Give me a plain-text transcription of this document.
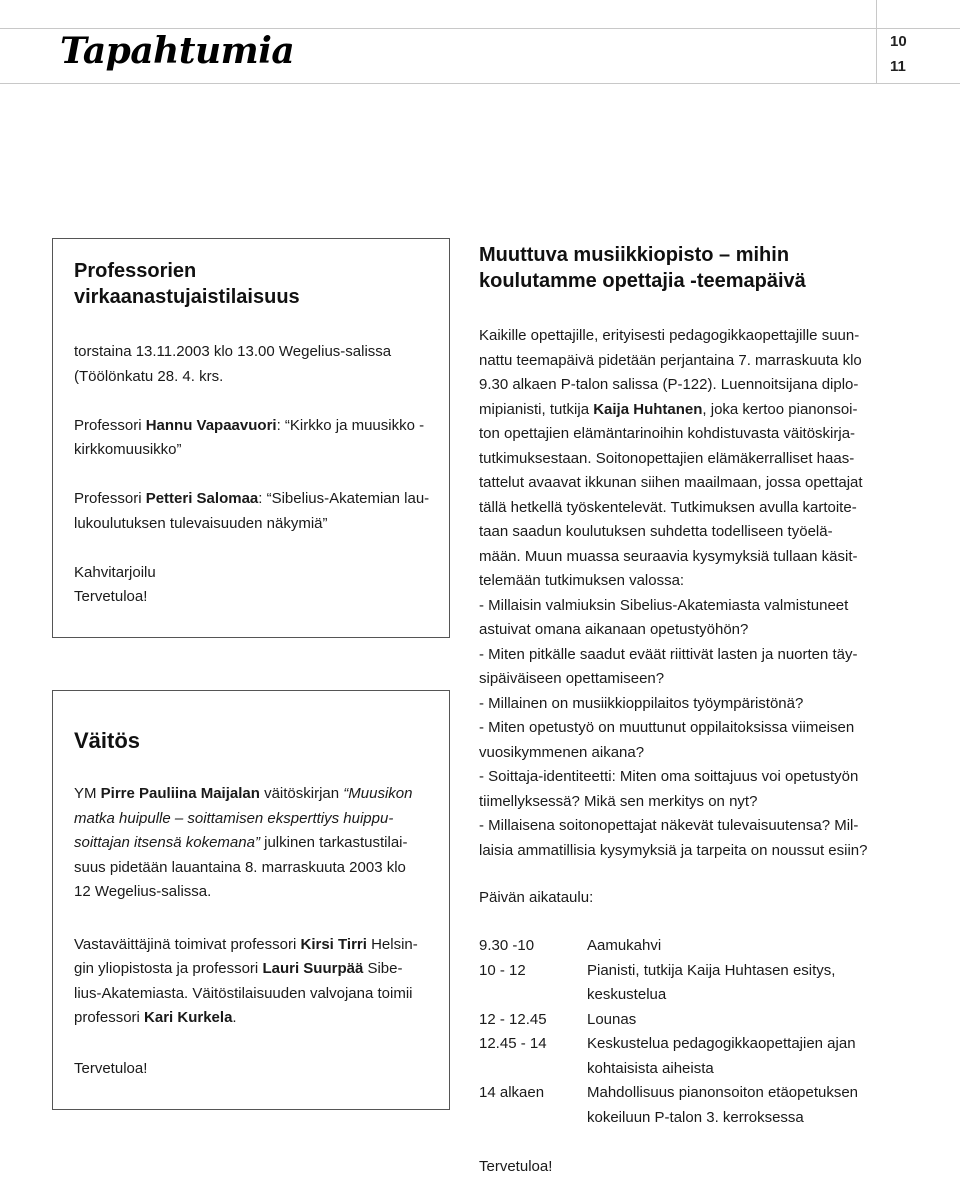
Tapahtumia	10
11
Professorien
virkaanastujaistilaisuus

torstaina 13.11.2003 klo 13.00 Wegelius-salissa
(Töölönkatu 28. 4. krs.

Professori Hannu Vapaavuori: “Kirkko ja muusikko -
kirkkomuusikko”

Professori Petteri Salomaa: “Sibelius-Akatemian lau-
lukoulutuksen tulevaisuuden näkymiä”

Kahvitarjoilu
Tervetuloa!

Väitös

YM Pirre Pauliina Maijalan väitöskirjan “Muusikon
matka huipulle – soittamisen eksperttiys huippu-
soittajan itsensä kokemana” julkinen tarkastustilai-
suus pidetään lauantaina 8. marraskuuta 2003 klo
12 Wegelius-salissa.

Vastaväittäjinä toimivat professori Kirsi Tirri Helsin-
gin yliopistosta ja professori Lauri Suurpää Sibe-
lius-Akatemiasta. Väitöstilaisuuden valvojana toimii
professori Kari Kurkela.

Tervetuloa!

Muuttuva musiikkiopisto – mihin
koulutamme opettajia -teemapäivä
Kaikille opettajille, erityisesti pedagogikkaopettajille suun-
nattu teemapäivä pidetään perjantaina 7. marraskuuta klo
9.30 alkaen P-talon salissa (P-122). Luennoitsijana diplo-
mipianisti, tutkija Kaija Huhtanen, joka kertoo pianonsoi-
ton opettajien elämäntarinoihin kohdistuvasta väitöskirja-
tutkimuksestaan. Soitonopettajien elämäkerralliset haas-
tattelut avaavat ikkunan siihen maailmaan, jossa opettajat
tällä hetkellä työskentelevät. Tutkimuksen avulla kartoite-
taan saadun koulutuksen suhdetta todelliseen työelä-
mään. Muun muassa seuraavia kysymyksiä tullaan käsit-
telemään tutkimuksen valossa:
- Millaisin valmiuksin Sibelius-Akatemiasta valmistuneet
astuivat omana aikanaan opetustyöhön?
- Miten pitkälle saadut eväät riittivät lasten ja nuorten täy-
sipäiväiseen opettamiseen?
- Millainen on musiikkioppilaitos työympäristönä?
- Miten opetustyö on muuttunut oppilaitoksissa viimeisen
vuosikymmenen aikana?
- Soittaja-identiteetti: Miten oma soittajuus voi opetustyön
tiimellyksessä? Mikä sen merkitys on nyt?
- Millaisena soitonopettajat näkevät tulevaisuutensa? Mil-
laisia ammatillisia kysymyksiä ja tarpeita on noussut esiin?
Päivän aikataulu:
9.30 -10	Aamukahvi
10 - 12	Pianisti, tutkija Kaija Huhtasen esitys,
keskustelua
12 - 12.45	Lounas
12.45 - 14	Keskustelua pedagogikkaopettajien ajan
kohtaisista aiheista
14 alkaen	Mahdollisuus pianonsoiton etäopetuksen
kokeiluun P-talon 3. kerroksessa
Tervetuloa!
